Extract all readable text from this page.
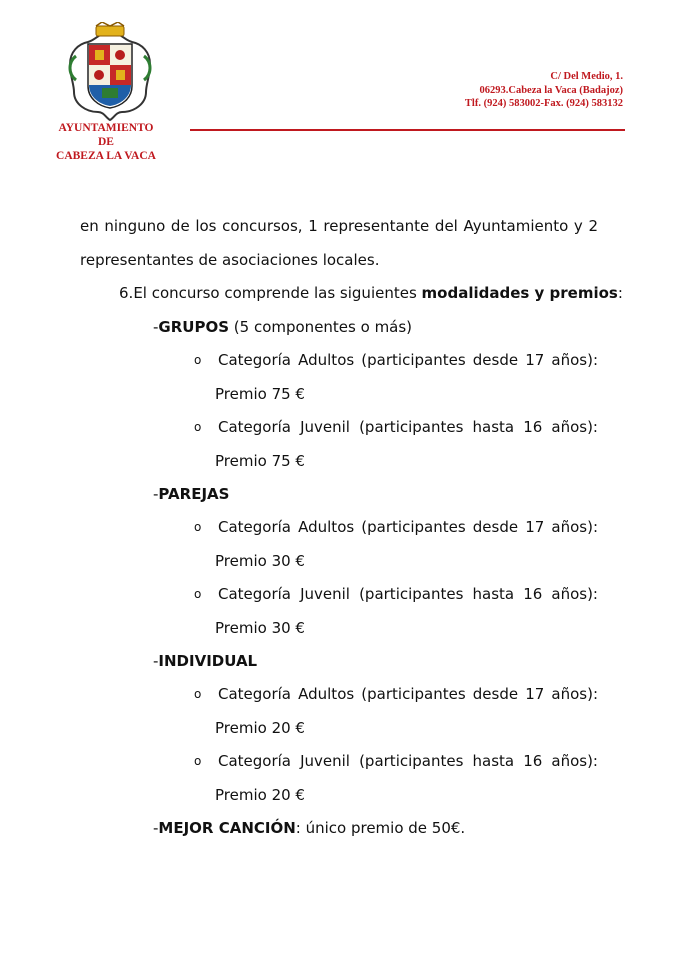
AYUNTAMIENTO
DE
CABEZA LA VACA
C/ Del Medio, 1.
06293.Cabeza la Vaca (Badajoz)
Tlf. (924) 583002-Fax. (924) 583132
en ninguno de los concursos, 1 representante del Ayuntamiento y 2
representantes de asociaciones locales.
6.El concurso comprende las siguientes modalidades y premios:
-GRUPOS (5 componentes o más)
o Categoría Adultos (participantes desde 17 años):
Premio 75 €
o Categoría Juvenil (participantes hasta 16 años):
Premio 75 €
-PAREJAS
o Categoría Adultos (participantes desde 17 años):
Premio 30 €
o Categoría Juvenil (participantes hasta 16 años):
Premio 30 €
-INDIVIDUAL
o Categoría Adultos (participantes desde 17 años):
Premio 20 €
o Categoría Juvenil (participantes hasta 16 años):
Premio 20 €
-MEJOR CANCIÓN: único premio de 50€.
